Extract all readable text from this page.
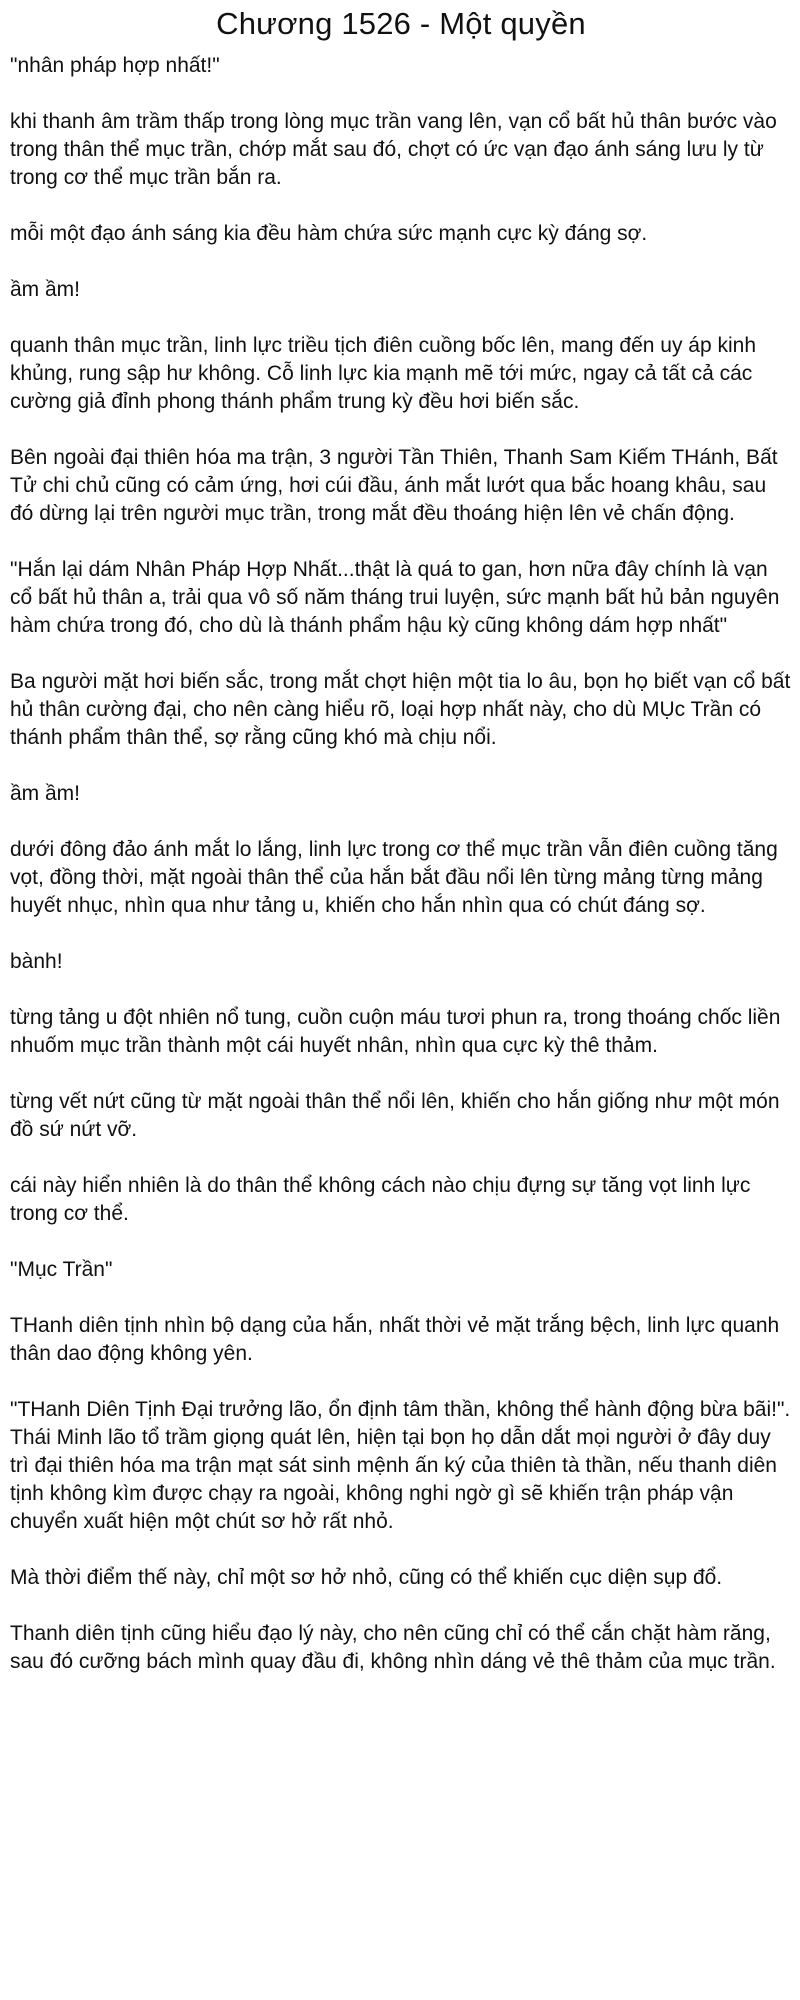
Chương 1526 - Một quyền

"nhân pháp hợp nhất!"

khi thanh âm trầm thấp trong lòng mục trần vang lên, vạn cổ bất hủ thân bước vào trong thân thể mục trần, chớp mắt sau đó, chợt có ức vạn đạo ánh sáng lưu ly từ trong cơ thể mục trần bắn ra.

mỗi một đạo ánh sáng kia đều hàm chứa sức mạnh cực kỳ đáng sợ.

ầm ầm!

quanh thân mục trần, linh lực triều tịch điên cuồng bốc lên, mang đến uy áp kinh khủng, rung sập hư không. Cỗ linh lực kia mạnh mẽ tới mức, ngay cả tất cả các cường giả đỉnh phong thánh phẩm trung kỳ đều hơi biến sắc.

Bên ngoài đại thiên hóa ma trận, 3 người Tần Thiên, Thanh Sam Kiếm THánh, Bất Tử chi chủ cũng có cảm ứng, hơi cúi đầu, ánh mắt lướt qua bắc hoang khâu, sau đó dừng lại trên người mục trần, trong mắt đều thoáng hiện lên vẻ chấn động.

"Hắn lại dám Nhân Pháp Hợp Nhất...thật là quá to gan, hơn nữa đây chính là vạn cổ bất hủ thân a, trải qua vô số năm tháng trui luyện, sức mạnh bất hủ bản nguyên hàm chứa trong đó, cho dù là thánh phẩm hậu kỳ cũng không dám hợp nhất"

Ba người mặt hơi biến sắc, trong mắt chợt hiện một tia lo âu, bọn họ biết vạn cổ bất hủ thân cường đại, cho nên càng hiểu rõ, loại hợp nhất này, cho dù MỤc Trần có thánh phẩm thân thể, sợ rằng cũng khó mà chịu nổi.

ầm ầm!

dưới đông đảo ánh mắt lo lắng, linh lực trong cơ thể mục trần vẫn điên cuồng tăng vọt, đồng thời, mặt ngoài thân thể của hắn bắt đầu nổi lên từng mảng từng mảng huyết nhục, nhìn qua như tảng u, khiến cho hắn nhìn qua có chút đáng sợ.

bành!

từng tảng u đột nhiên nổ tung, cuồn cuộn máu tươi phun ra, trong thoáng chốc liền nhuốm mục trần thành một cái huyết nhân, nhìn qua cực kỳ thê thảm.

từng vết nứt cũng từ mặt ngoài thân thể nổi lên, khiến cho hắn giống như một món đồ sứ nứt vỡ.

cái này hiển nhiên là do thân thể không cách nào chịu đựng sự tăng vọt linh lực trong cơ thể.

"Mục Trần"

THanh diên tịnh nhìn bộ dạng của hắn, nhất thời vẻ mặt trắng bệch, linh lực quanh thân dao động không yên.

"THanh Diên Tịnh Đại trưởng lão, ổn định tâm thần, không thể hành động bừa bãi!". Thái Minh lão tổ trầm giọng quát lên, hiện tại bọn họ dẫn dắt mọi người ở đây duy trì đại thiên hóa ma trận mạt sát sinh mệnh ấn ký của thiên tà thần, nếu thanh diên tịnh không kìm được chạy ra ngoài, không nghi ngờ gì sẽ khiến trận pháp vận chuyển xuất hiện một chút sơ hở rất nhỏ.

Mà thời điểm thế này, chỉ một sơ hở nhỏ, cũng có thể khiến cục diện sụp đổ.

Thanh diên tịnh cũng hiểu đạo lý này, cho nên cũng chỉ có thể cắn chặt hàm răng, sau đó cưỡng bách mình quay đầu đi, không nhìn dáng vẻ thê thảm của mục trần.
